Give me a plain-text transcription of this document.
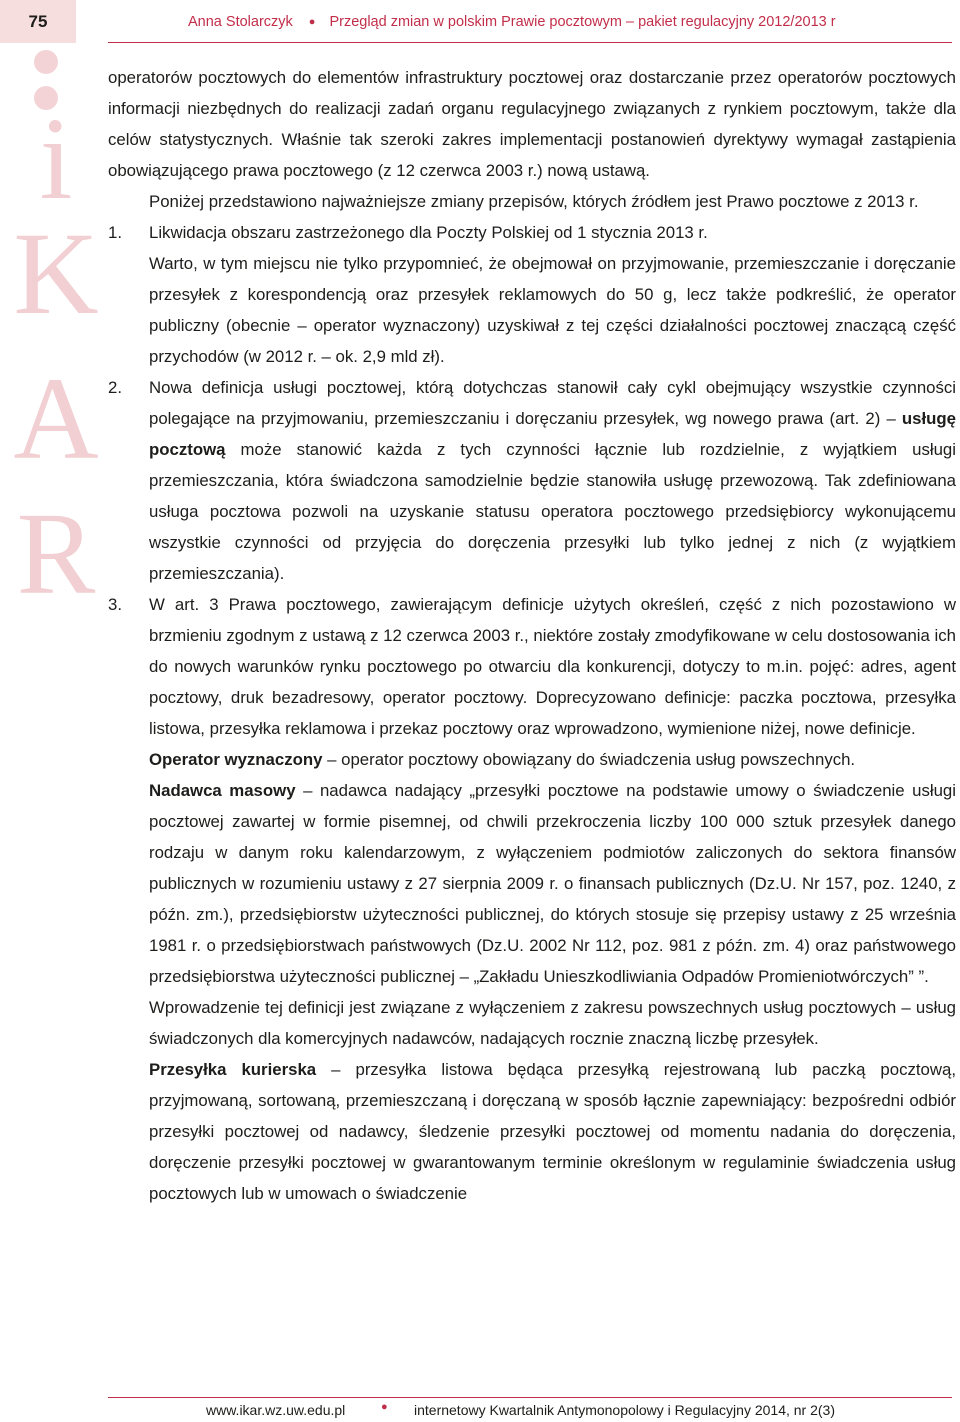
75	Anna Stolarczyk ● Przegląd zmian w polskim Prawie pocztowym – pakiet regulacyjny 2012/2013 r
i
K
A
R

operatorów pocztowych do elementów infrastruktury pocztowej oraz dostarczanie przez operatorów pocztowych informacji niezbędnych do realizacji zadań organu regulacyjnego związanych z rynkiem pocztowym, także dla celów statystycznych. Właśnie tak szeroki zakres implementacji postanowień dyrektywy wymagał zastąpienia obowiązującego prawa pocztowego (z 12 czerwca 2003 r.) nową ustawą.

Poniżej przedstawiono najważniejsze zmiany przepisów, których źródłem jest Prawo pocztowe z 2013 r.

1. Likwidacja obszaru zastrzeżonego dla Poczty Polskiej od 1 stycznia 2013 r.

Warto, w tym miejscu nie tylko przypomnieć, że obejmował on przyjmowanie, przemieszczanie i doręczanie przesyłek z korespondencją oraz przesyłek reklamowych do 50 g, lecz także podkreślić, że operator publiczny (obecnie – operator wyznaczony) uzyskiwał z tej części działalności pocztowej znaczącą część przychodów (w 2012 r. – ok. 2,9 mld zł).

2. Nowa definicja usługi pocztowej, którą dotychczas stanowił cały cykl obejmujący wszystkie czynności polegające na przyjmowaniu, przemieszczaniu i doręczaniu przesyłek, wg nowego prawa (art. 2) – usługę pocztową może stanowić każda z tych czynności łącznie lub rozdzielnie, z wyjątkiem usługi przemieszczania, która świadczona samodzielnie będzie stanowiła usługę przewozową. Tak zdefiniowana usługa pocztowa pozwoli na uzyskanie statusu operatora pocztowego przedsiębiorcy wykonującemu wszystkie czynności od przyjęcia do doręczenia przesyłki lub tylko jednej z nich (z wyjątkiem przemieszczania).

3. W art. 3 Prawa pocztowego, zawierającym definicje użytych określeń, część z nich pozostawiono w brzmieniu zgodnym z ustawą z 12 czerwca 2003 r., niektóre zostały zmodyfikowane w celu dostosowania ich do nowych warunków rynku pocztowego po otwarciu dla konkurencji, dotyczy to m.in. pojęć: adres, agent pocztowy, druk bezadresowy, operator pocztowy. Doprecyzowano definicje: paczka pocztowa, przesyłka listowa, przesyłka reklamowa i przekaz pocztowy oraz wprowadzono, wymienione niżej, nowe definicje.

Operator wyznaczony – operator pocztowy obowiązany do świadczenia usług powszechnych.

Nadawca masowy – nadawca nadający „przesyłki pocztowe na podstawie umowy o świadczenie usługi pocztowej zawartej w formie pisemnej, od chwili przekroczenia liczby 100 000 sztuk przesyłek danego rodzaju w danym roku kalendarzowym, z wyłączeniem podmiotów zaliczonych do sektora finansów publicznych w rozumieniu ustawy z 27 sierpnia 2009 r. o finansach publicznych (Dz.U. Nr 157, poz. 1240, z późn. zm.), przedsiębiorstw użyteczności publicznej, do których stosuje się przepisy ustawy z 25 września 1981 r. o przedsiębiorstwach państwowych (Dz.U. 2002 Nr 112, poz. 981 z późn. zm. 4) oraz państwowego przedsiębiorstwa użyteczności publicznej – „Zakładu Unieszkodliwiania Odpadów Promieniotwórczych” ”.

Wprowadzenie tej definicji jest związane z wyłączeniem z zakresu powszechnych usług pocztowych – usług świadczonych dla komercyjnych nadawców, nadających rocznie znaczną liczbę przesyłek.

Przesyłka kurierska – przesyłka listowa będąca przesyłką rejestrowaną lub paczką pocztową, przyjmowaną, sortowaną, przemieszczaną i doręczaną w sposób łącznie zapewniający: bezpośredni odbiór przesyłki pocztowej od nadawcy, śledzenie przesyłki pocztowej od momentu nadania do doręczenia, doręczenie przesyłki pocztowej w gwarantowanym terminie określonym w regulaminie świadczenia usług pocztowych lub w umowach o świadczenie

www.ikar.wz.uw.edu.pl	● internetowy Kwartalnik Antymonopolowy i Regulacyjny 2014, nr 2(3)
